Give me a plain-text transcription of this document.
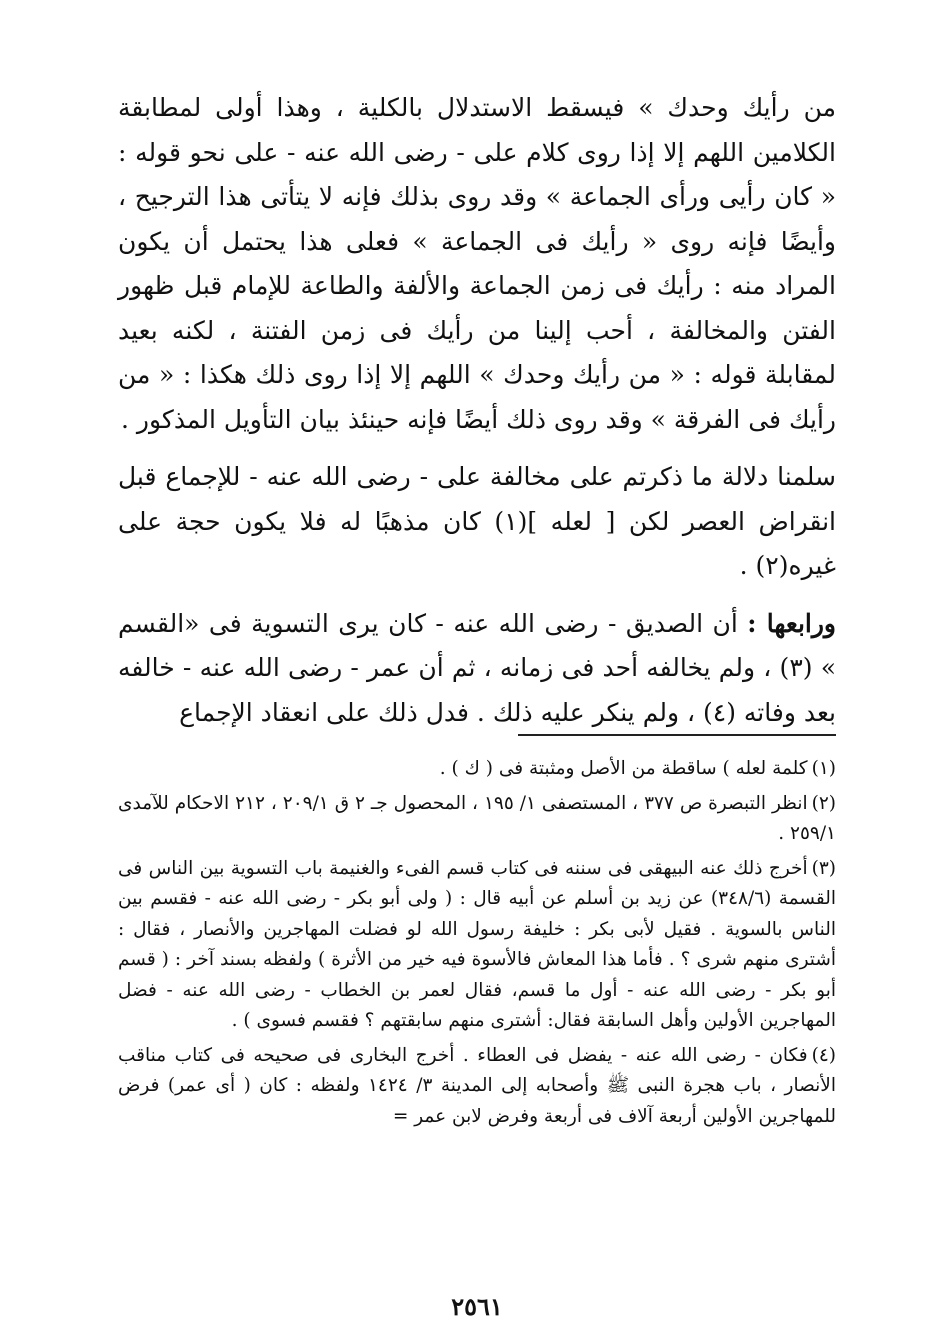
من رأيك وحدك » فيسقط الاستدلال بالكلية ، وهذا أولى لمطابقة الكلامين اللهم إلا إذا روى كلام على - رضى الله عنه - على نحو قوله : « كان رأيى ورأى الجماعة » وقد روى بذلك فإنه لا يتأتى هذا الترجيح ، وأيضًا فإنه روى « رأيك فى الجماعة » فعلى هذا يحتمل أن يكون المراد منه : رأيك فى زمن الجماعة والألفة والطاعة للإمام قبل ظهور الفتن والمخالفة ، أحب إلينا من رأيك فى زمن الفتنة ، لكنه بعيد لمقابلة قوله : « من رأيك وحدك » اللهم إلا إذا روى ذلك هكذا : « من رأيك فى الفرقة » وقد روى ذلك أيضًا فإنه حينئذ بيان التأويل المذكور .

سلمنا دلالة ما ذكرتم على مخالفة على - رضى الله عنه - للإجماع قبل انقراض العصر لكن [ لعله ](١) كان مذهبًا له فلا يكون حجة على غيره(٢) .

ورابعها : أن الصديق - رضى الله عنه - كان يرى التسوية فى «القسم » (٣) ، ولم يخالفه أحد فى زمانه ، ثم أن عمر - رضى الله عنه - خالفه بعد وفاته (٤) ، ولم ينكر عليه ذلك . فدل ذلك على انعقاد الإجماع

(١)كلمة لعله ) ساقطة من الأصل ومثبتة فى ( ك ) .

(٢)انظر التبصرة ص ٣٧٧ ، المستصفى ١/ ١٩٥ ، المحصول جـ ٢ ق ٢٠٩/١ ، ٢١٢ الاحكام للآمدى ٢٥٩/١ .

(٣)أخرج ذلك عنه البيهقى فى سننه فى كتاب قسم الفىء والغنيمة باب التسوية بين الناس فى القسمة (٣٤٨/٦) عن زيد بن أسلم عن أبيه قال : ( ولى أبو بكر - رضى الله عنه - فقسم بين الناس بالسوية . فقيل لأبى بكر : خليفة رسول الله لو فضلت المهاجرين والأنصار ، فقال : أشترى منهم شرى ؟ . فأما هذا المعاش فالأسوة فيه خير من الأثرة ) ولفظه بسند آخر : ( قسم أبو بكر - رضى الله عنه - أول ما قسم، فقال لعمر بن الخطاب - رضى الله عنه - فضل المهاجرين الأولين وأهل السابقة فقال: أشترى منهم سابقتهم ؟ فقسم فسوى ) .

(٤)فكان - رضى الله عنه - يفضل فى العطاء . أخرج البخارى فى صحيحه فى كتاب مناقب الأنصار ، باب هجرة النبى ﷺ وأصحابه إلى المدينة ٣/ ١٤٢٤ ولفظه : كان ( أى عمر) فرض للمهاجرين الأولين أربعة آلاف فى أربعة وفرض لابن عمر =

٢٥٦١
